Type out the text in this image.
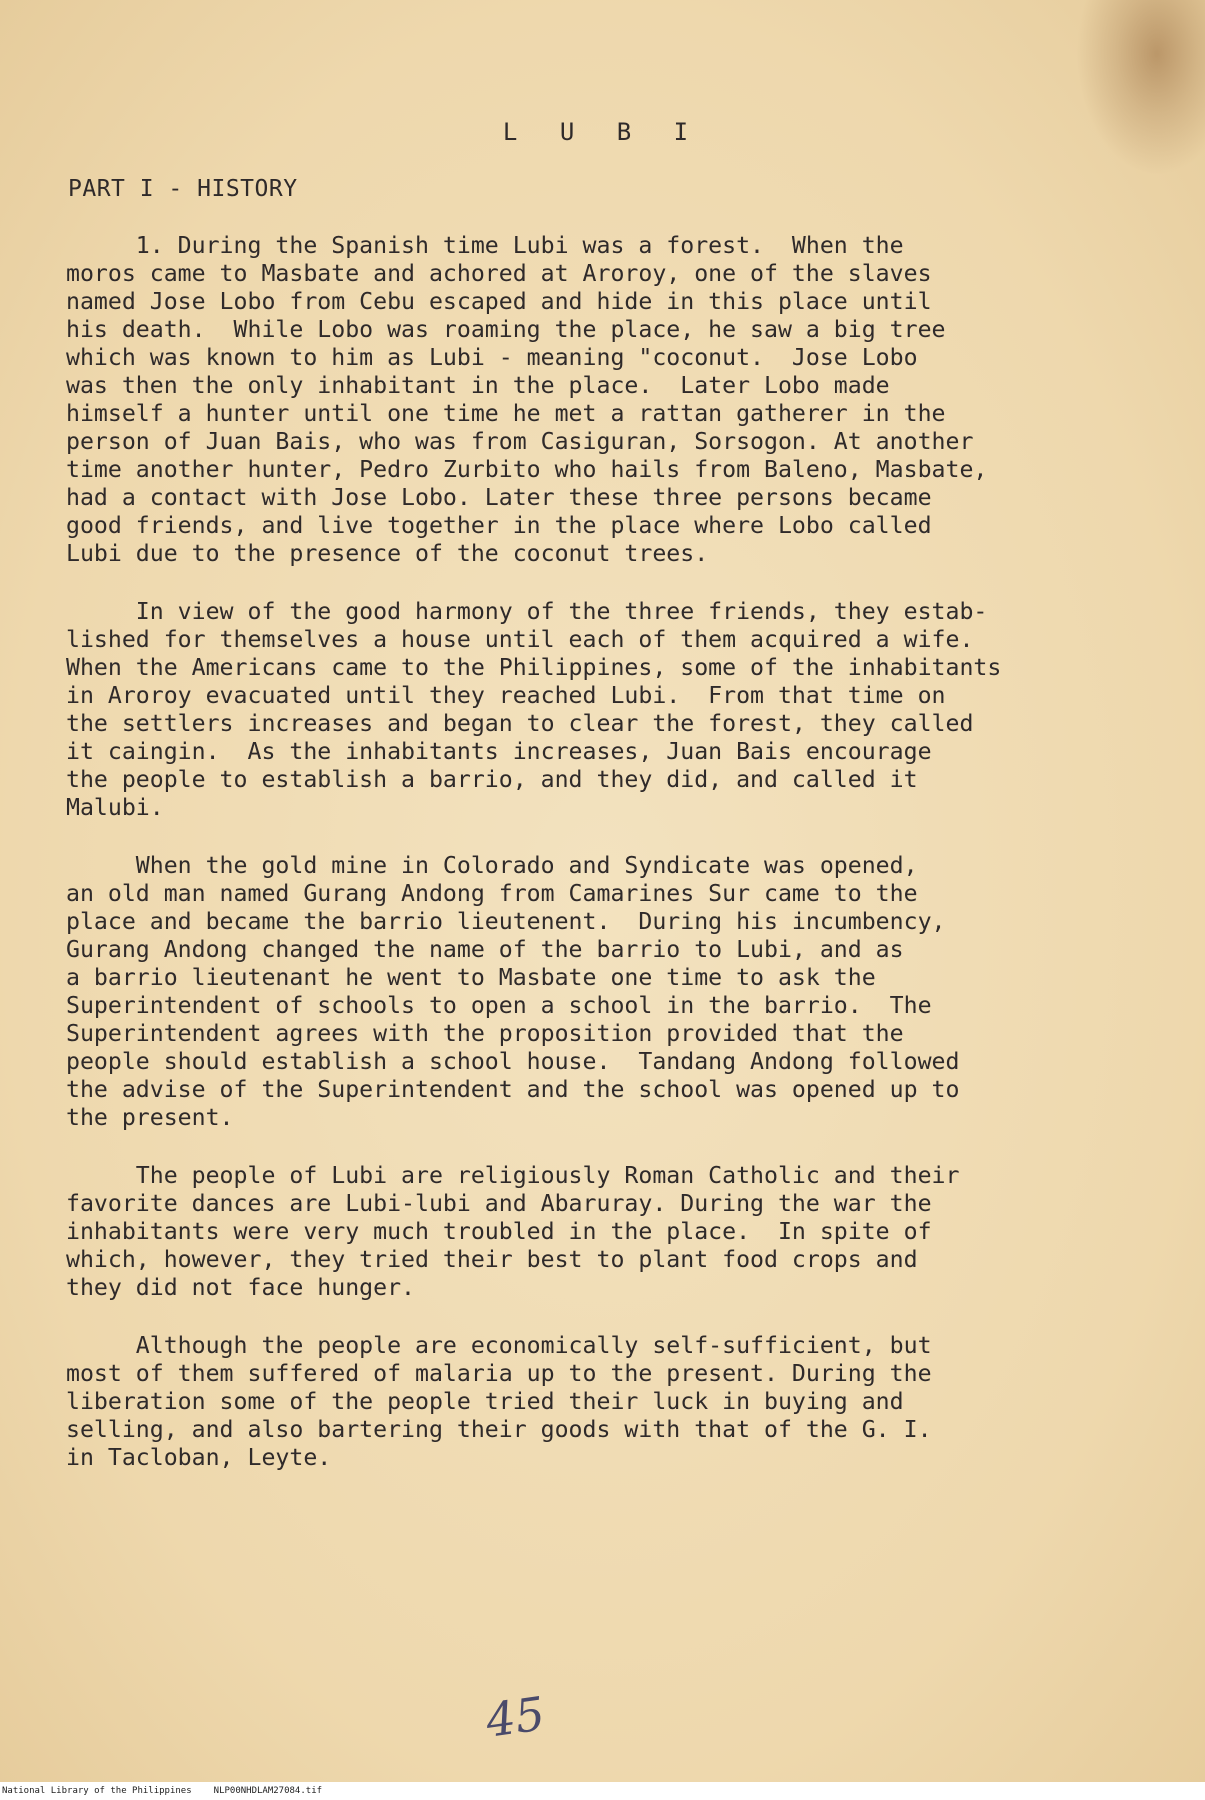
L U B I
PART I - HISTORY
1. During the Spanish time Lubi was a forest.  When the
moros came to Masbate and achored at Aroroy, one of the slaves
named Jose Lobo from Cebu escaped and hide in this place until
his death.  While Lobo was roaming the place, he saw a big tree
which was known to him as Lubi - meaning "coconut.  Jose Lobo
was then the only inhabitant in the place.  Later Lobo made
himself a hunter until one time he met a rattan gatherer in the
person of Juan Bais, who was from Casiguran, Sorsogon. At another
time another hunter, Pedro Zurbito who hails from Baleno, Masbate,
had a contact with Jose Lobo. Later these three persons became
good friends, and live together in the place where Lobo called
Lubi due to the presence of the coconut trees.
In view of the good harmony of the three friends, they estab-
lished for themselves a house until each of them acquired a wife.
When the Americans came to the Philippines, some of the inhabitants
in Aroroy evacuated until they reached Lubi.  From that time on
the settlers increases and began to clear the forest, they called
it caingin.  As the inhabitants increases, Juan Bais encourage
the people to establish a barrio, and they did, and called it
Malubi.
When the gold mine in Colorado and Syndicate was opened,
an old man named Gurang Andong from Camarines Sur came to the
place and became the barrio lieutenent.  During his incumbency,
Gurang Andong changed the name of the barrio to Lubi, and as
a barrio lieutenant he went to Masbate one time to ask the
Superintendent of schools to open a school in the barrio.  The
Superintendent agrees with the proposition provided that the
people should establish a school house.  Tandang Andong followed
the advise of the Superintendent and the school was opened up to
the present.
The people of Lubi are religiously Roman Catholic and their
favorite dances are Lubi-lubi and Abaruray. During the war the
inhabitants were very much troubled in the place.  In spite of
which, however, they tried their best to plant food crops and
they did not face hunger.
Although the people are economically self-sufficient, but
most of them suffered of malaria up to the present. During the
liberation some of the people tried their luck in buying and
selling, and also bartering their goods with that of the G. I.
in Tacloban, Leyte.
45
National Library of the Philippines NLP00NHDLAM27084.tif
